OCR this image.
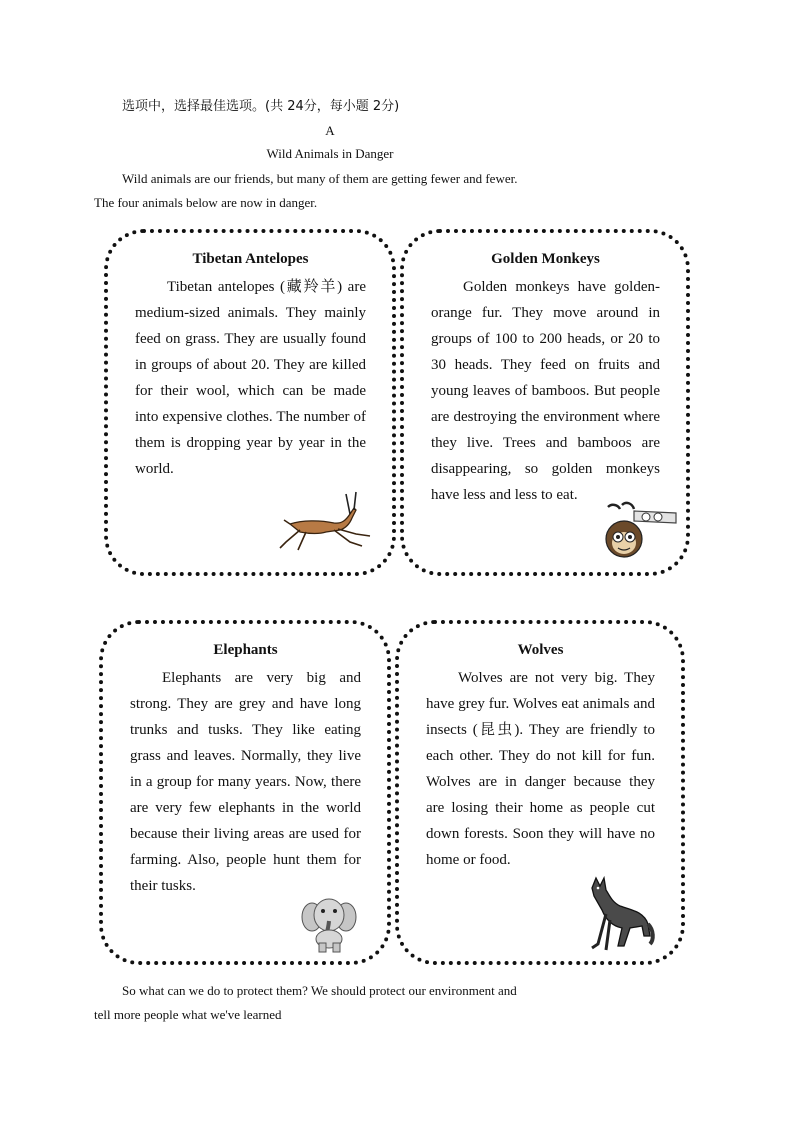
选项中，选择最佳选项。(共 24分，每小题 2分)
A
Wild Animals in Danger
Wild animals are our friends, but many of them are getting fewer and fewer.
The four animals below are now in danger.
Tibetan Antelopes

Tibetan antelopes (藏羚羊) are medium-sized animals. They mainly feed on grass. They are usually found in groups of about 20. They are killed for their wool, which can be made into expensive clothes. The number of them is dropping year by year in the world.

Golden Monkeys

Golden monkeys have golden-orange fur. They move around in groups of 100 to 200 heads, or 20 to 30 heads. They feed on fruits and young leaves of bamboos. But people are destroying the environment where they live. Trees and bamboos are disappearing, so golden monkeys have less and less to eat.

Elephants

Elephants are very big and strong. They are grey and have long trunks and tusks. They like eating grass and leaves. Normally, they live in a group for many years. Now, there are very few elephants in the world because their living areas are used for farming. Also, people hunt them for their tusks.

Wolves

Wolves are not very big. They have grey fur. Wolves eat animals and insects (昆虫). They are friendly to each other. They do not kill for fun. Wolves are in danger because they are losing their home as people cut down forests. Soon they will have no home or food.

So what can we do to protect them? We should protect our environment and
tell more people what we've learned
